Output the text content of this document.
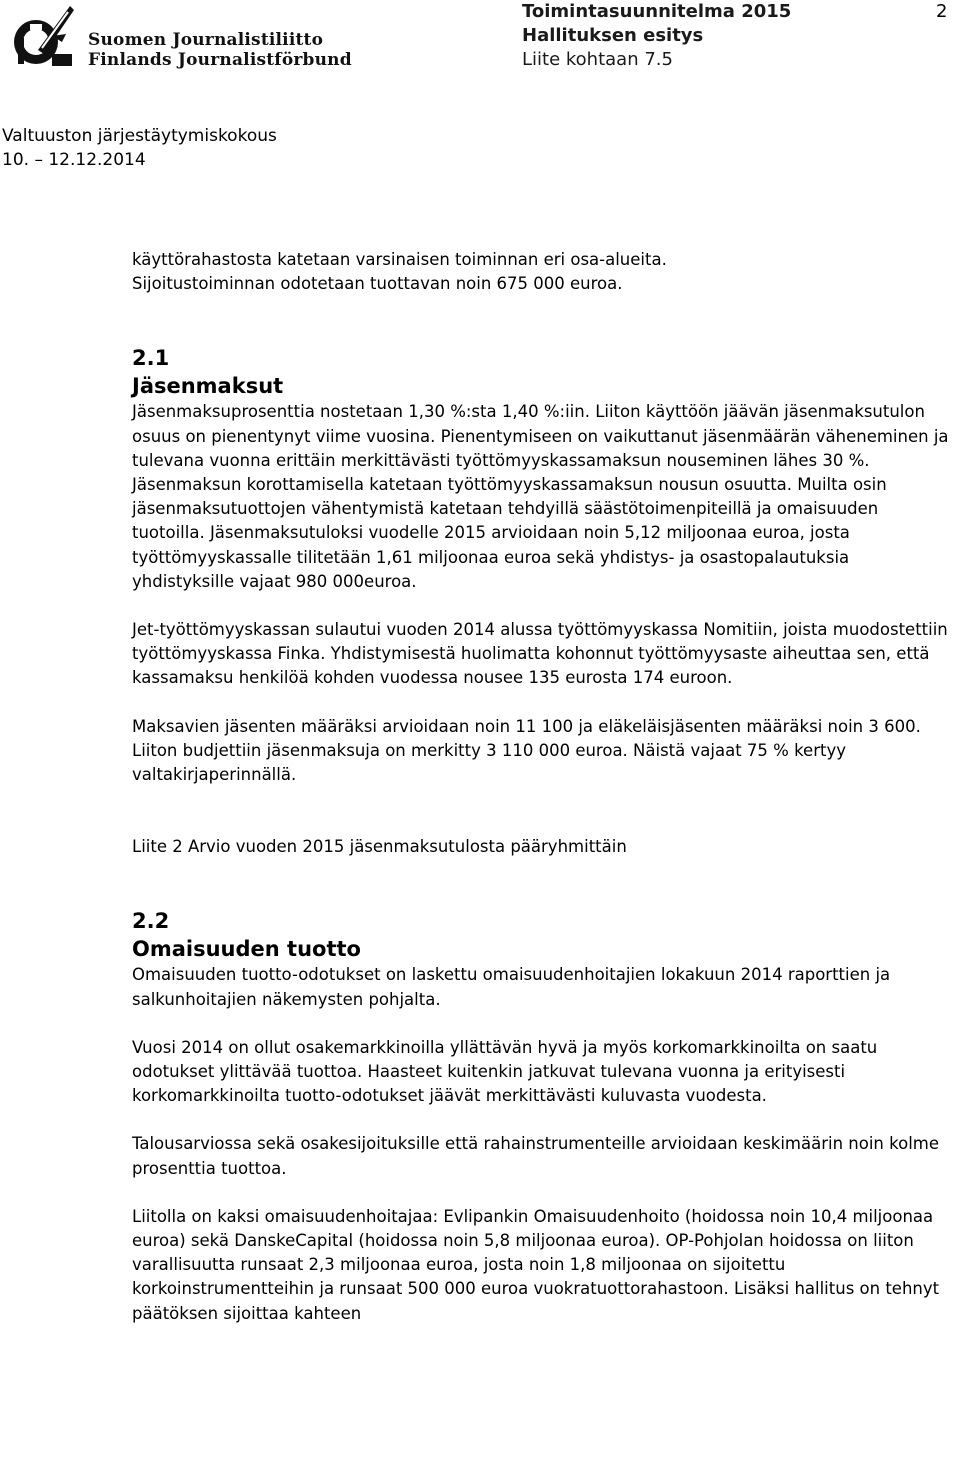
Suomen Journalistiliitto
Finlands Journalistförbund
Toimintasuunnitelma 2015
Hallituksen esitys
Liite kohtaan 7.5
2
Valtuuston järjestäytymiskokous
10. – 12.12.2014

käyttörahastosta katetaan varsinaisen toiminnan eri osa-alueita.

Sijoitustoiminnan odotetaan tuottavan noin 675 000 euroa.

2.1

Jäsenmaksut

Jäsenmaksuprosenttia nostetaan 1,30 %:sta 1,40 %:iin. Liiton käyttöön jäävän jäsenmaksutulon osuus on pienentynyt viime vuosina. Pienentymiseen on vaikuttanut jäsenmäärän väheneminen ja tulevana vuonna erittäin merkittävästi työttömyyskassamaksun nouseminen lähes 30 %. Jäsenmaksun korottamisella katetaan työttömyyskassamaksun nousun osuutta. Muilta osin jäsenmaksutuottojen vähentymistä katetaan tehdyillä säästötoimenpiteillä ja omaisuuden tuotoilla. Jäsenmaksutuloksi vuodelle 2015 arvioidaan noin 5,12 miljoonaa euroa, josta työttömyyskassalle tilitetään 1,61 miljoonaa euroa sekä yhdistys- ja osastopalautuksia yhdistyksille vajaat 980 000euroa.

Jet-työttömyyskassan sulautui vuoden 2014 alussa työttömyyskassa Nomitiin, joista muodostettiin työttömyyskassa Finka. Yhdistymisestä huolimatta kohonnut työttömyysaste aiheuttaa sen, että kassamaksu henkilöä kohden vuodessa nousee 135 eurosta 174 euroon.

Maksavien jäsenten määräksi arvioidaan noin 11 100 ja eläkeläisjäsenten määräksi noin 3 600.

Liiton budjettiin jäsenmaksuja on merkitty 3 110 000 euroa. Näistä vajaat 75 % kertyy valtakirjaperinnällä.

Liite 2 Arvio vuoden 2015 jäsenmaksutulosta pääryhmittäin

2.2

Omaisuuden tuotto

Omaisuuden tuotto-odotukset on laskettu omaisuudenhoitajien lokakuun 2014 raporttien ja salkunhoitajien näkemysten pohjalta.

Vuosi 2014 on ollut osakemarkkinoilla yllättävän hyvä ja myös korkomarkkinoilta on saatu odotukset ylittävää tuottoa. Haasteet kuitenkin jatkuvat tulevana vuonna ja erityisesti korkomarkkinoilta tuotto-odotukset jäävät merkittävästi kuluvasta vuodesta.

Talousarviossa sekä osakesijoituksille että rahainstrumenteille arvioidaan keskimäärin noin kolme prosenttia tuottoa.

Liitolla on kaksi omaisuudenhoitajaa: Evlipankin Omaisuudenhoito (hoidossa noin 10,4 miljoonaa euroa) sekä DanskeCapital (hoidossa noin 5,8 miljoonaa euroa). OP-Pohjolan hoidossa on liiton varallisuutta runsaat 2,3 miljoonaa euroa, josta noin 1,8 miljoonaa on sijoitettu korkoinstrumentteihin ja runsaat 500 000 euroa vuokratuottorahastoon. Lisäksi hallitus on tehnyt päätöksen sijoittaa kahteen
